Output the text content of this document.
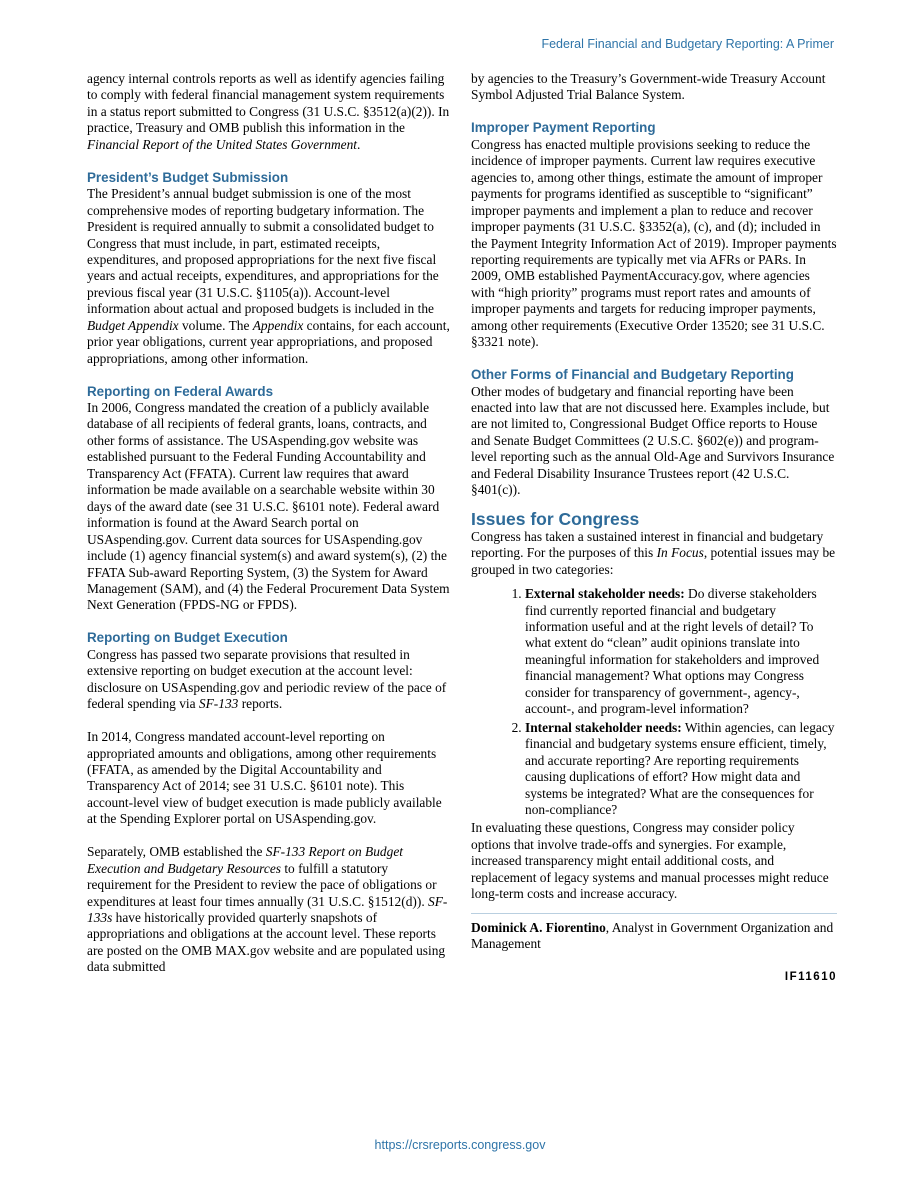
Federal Financial and Budgetary Reporting: A Primer

agency internal controls reports as well as identify agencies failing to comply with federal financial management system requirements in a status report submitted to Congress (31 U.S.C. §3512(a)(2)). In practice, Treasury and OMB publish this information in the Financial Report of the United States Government.

President’s Budget Submission

The President’s annual budget submission is one of the most comprehensive modes of reporting budgetary information. The President is required annually to submit a consolidated budget to Congress that must include, in part, estimated receipts, expenditures, and proposed appropriations for the next five fiscal years and actual receipts, expenditures, and appropriations for the previous fiscal year (31 U.S.C. §1105(a)). Account-level information about actual and proposed budgets is included in the Budget Appendix volume. The Appendix contains, for each account, prior year obligations, current year appropriations, and proposed appropriations, among other information.

Reporting on Federal Awards

In 2006, Congress mandated the creation of a publicly available database of all recipients of federal grants, loans, contracts, and other forms of assistance. The USAspending.gov website was established pursuant to the Federal Funding Accountability and Transparency Act (FFATA). Current law requires that award information be made available on a searchable website within 30 days of the award date (see 31 U.S.C. §6101 note). Federal award information is found at the Award Search portal on USAspending.gov. Current data sources for USAspending.gov include (1) agency financial system(s) and award system(s), (2) the FFATA Sub-award Reporting System, (3) the System for Award Management (SAM), and (4) the Federal Procurement Data System Next Generation (FPDS-NG or FPDS).

Reporting on Budget Execution

Congress has passed two separate provisions that resulted in extensive reporting on budget execution at the account level: disclosure on USAspending.gov and periodic review of the pace of federal spending via SF-133 reports.

In 2014, Congress mandated account-level reporting on appropriated amounts and obligations, among other requirements (FFATA, as amended by the Digital Accountability and Transparency Act of 2014; see 31 U.S.C. §6101 note). This account-level view of budget execution is made publicly available at the Spending Explorer portal on USAspending.gov.

Separately, OMB established the SF-133 Report on Budget Execution and Budgetary Resources to fulfill a statutory requirement for the President to review the pace of obligations or expenditures at least four times annually (31 U.S.C. §1512(d)). SF-133s have historically provided quarterly snapshots of appropriations and obligations at the account level. These reports are posted on the OMB MAX.gov website and are populated using data submitted

by agencies to the Treasury’s Government-wide Treasury Account Symbol Adjusted Trial Balance System.

Improper Payment Reporting

Congress has enacted multiple provisions seeking to reduce the incidence of improper payments. Current law requires executive agencies to, among other things, estimate the amount of improper payments for programs identified as susceptible to “significant” improper payments and implement a plan to reduce and recover improper payments (31 U.S.C. §3352(a), (c), and (d); included in the Payment Integrity Information Act of 2019). Improper payments reporting requirements are typically met via AFRs or PARs. In 2009, OMB established PaymentAccuracy.gov, where agencies with “high priority” programs must report rates and amounts of improper payments and targets for reducing improper payments, among other requirements (Executive Order 13520; see 31 U.S.C. §3321 note).

Other Forms of Financial and Budgetary Reporting

Other modes of budgetary and financial reporting have been enacted into law that are not discussed here. Examples include, but are not limited to, Congressional Budget Office reports to House and Senate Budget Committees (2 U.S.C. §602(e)) and program-level reporting such as the annual Old-Age and Survivors Insurance and Federal Disability Insurance Trustees report (42 U.S.C. §401(c)).

Issues for Congress

Congress has taken a sustained interest in financial and budgetary reporting. For the purposes of this In Focus, potential issues may be grouped in two categories:

1. External stakeholder needs: Do diverse stakeholders find currently reported financial and budgetary information useful and at the right levels of detail? To what extent do “clean” audit opinions translate into meaningful information for stakeholders and improved financial management? What options may Congress consider for transparency of government-, agency-, account-, and program-level information?
2. Internal stakeholder needs: Within agencies, can legacy financial and budgetary systems ensure efficient, timely, and accurate reporting? Are reporting requirements causing duplications of effort? How might data and systems be integrated? What are the consequences for non-compliance?

In evaluating these questions, Congress may consider policy options that involve trade-offs and synergies. For example, increased transparency might entail additional costs, and replacement of legacy systems and manual processes might reduce long-term costs and increase accuracy.

Dominick A. Fiorentino, Analyst in Government Organization and Management

IF11610
https://crsreports.congress.gov
